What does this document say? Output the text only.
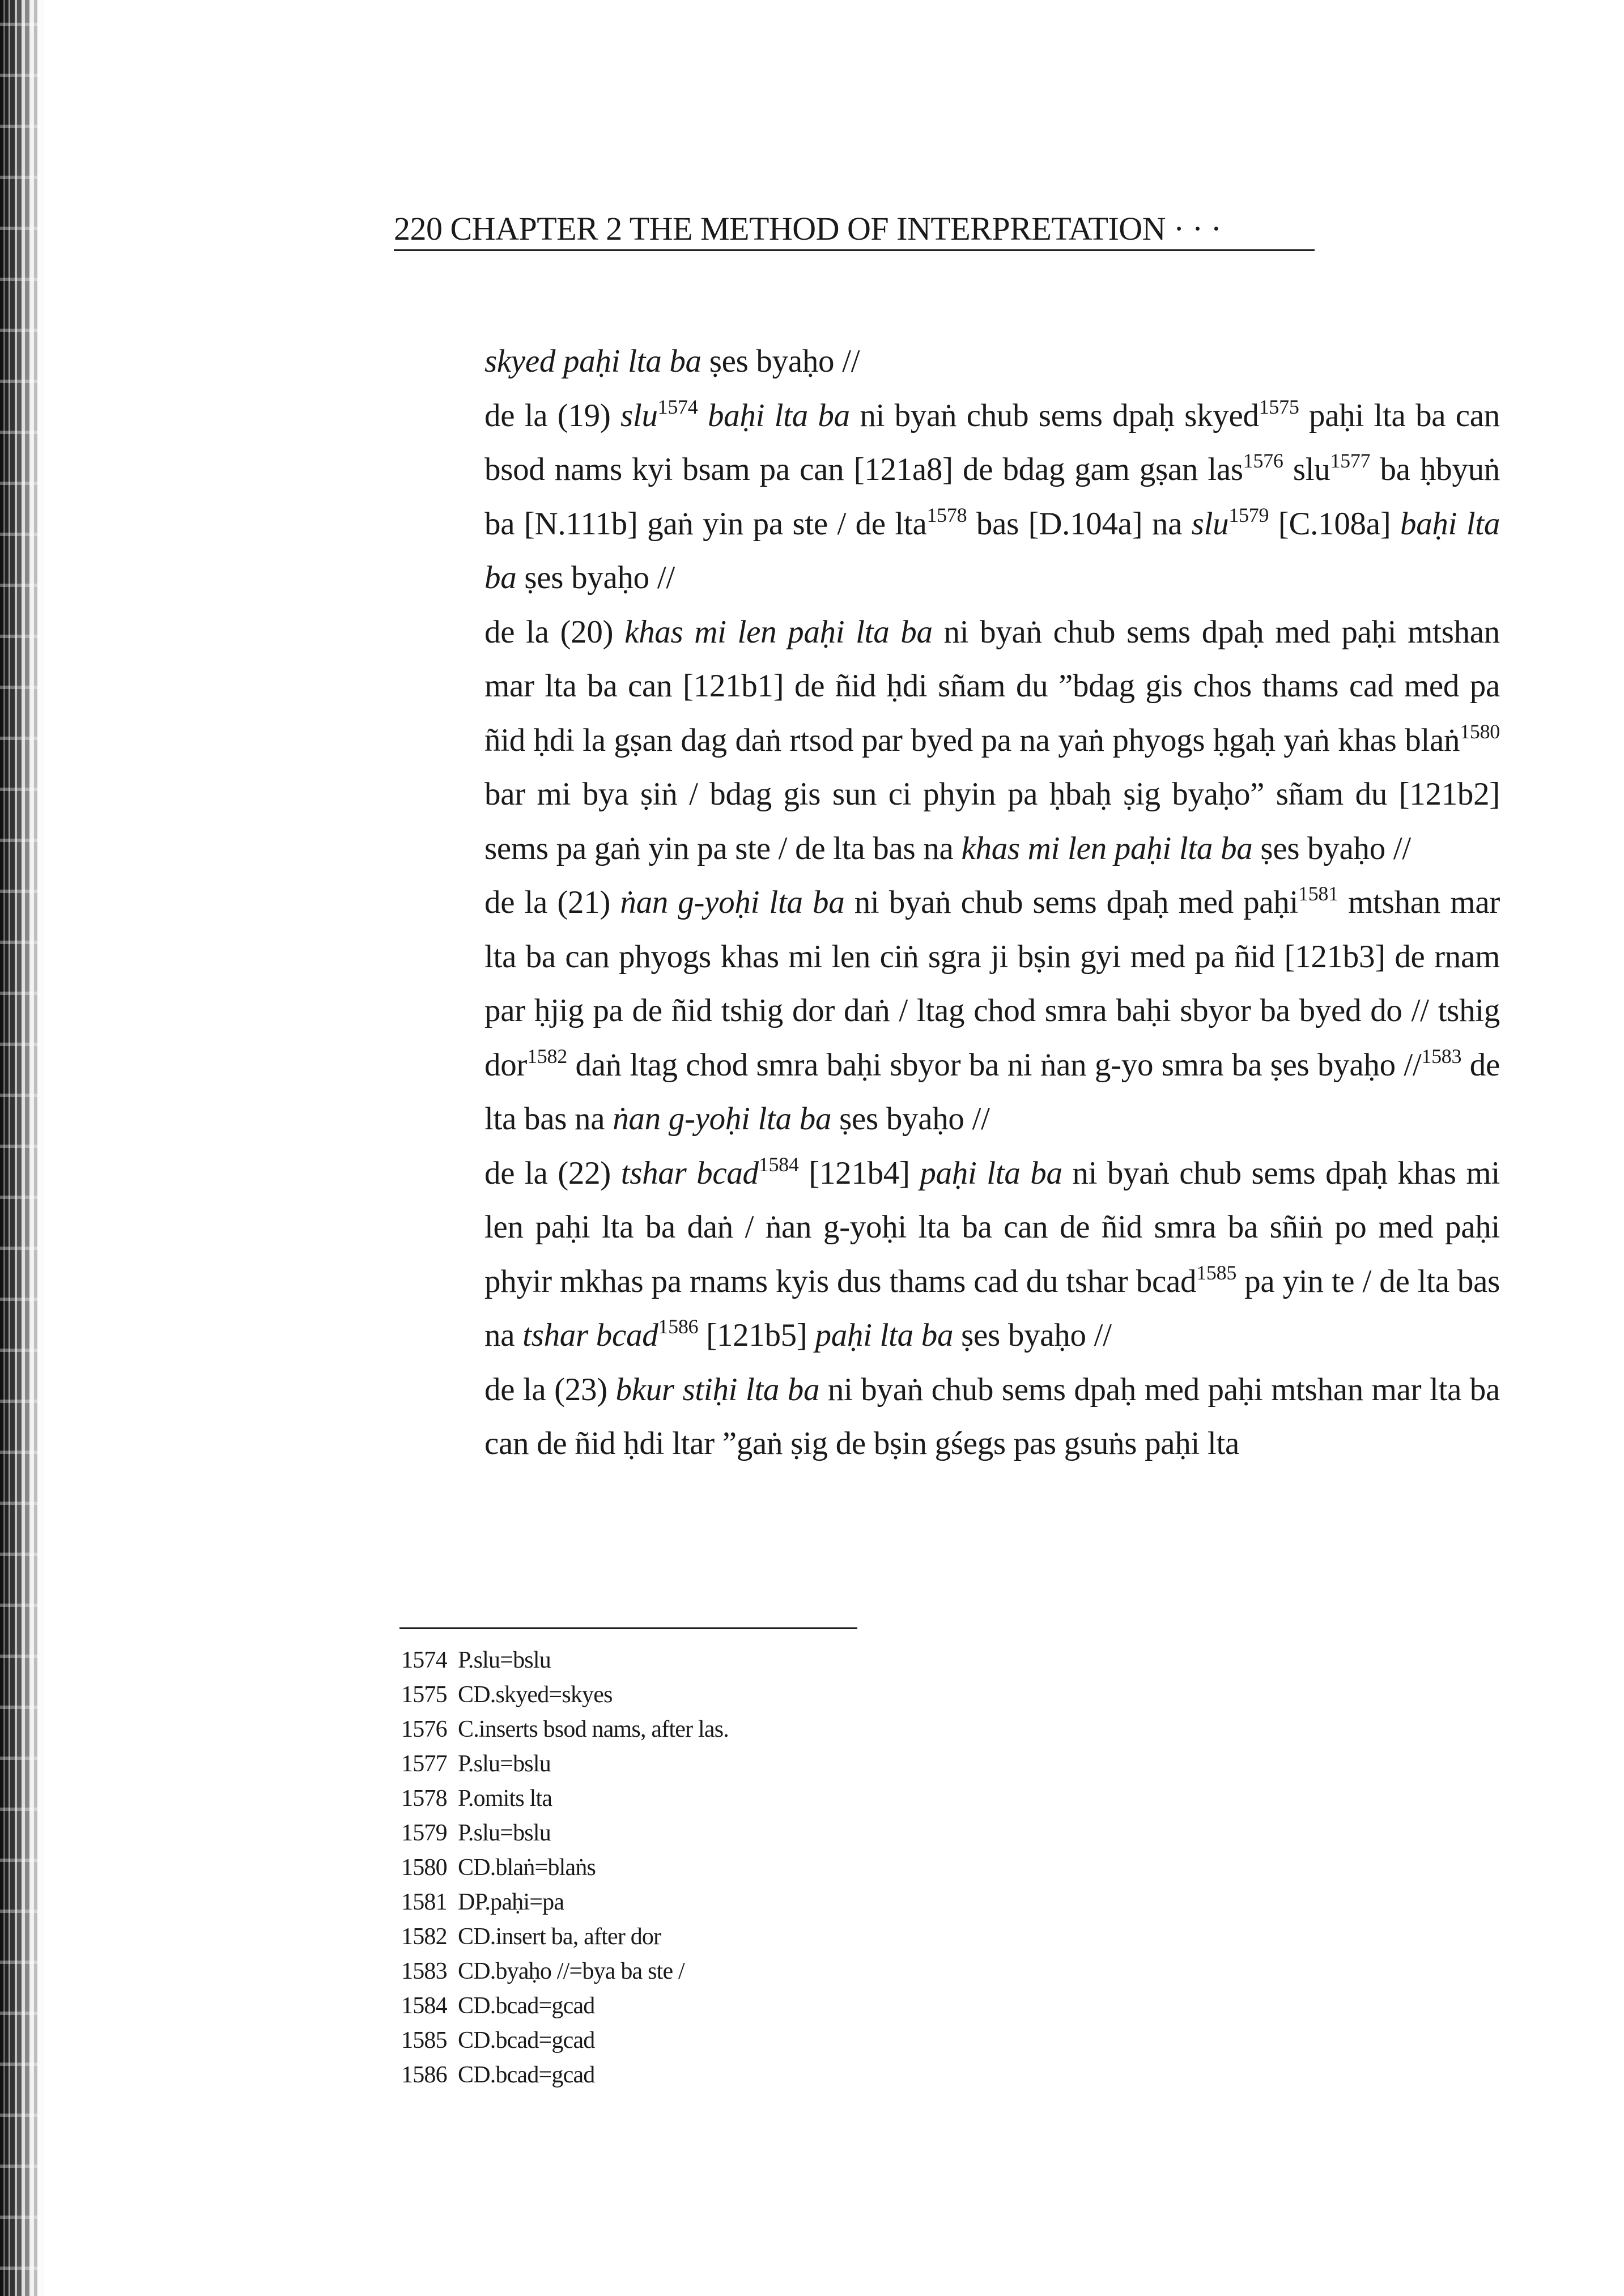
220 CHAPTER 2 THE METHOD OF INTERPRETATION · · ·

skyed paḥi lta ba ṣes byaḥo //

de la (19) slu$^{1574}$ baḥi lta ba ni byaṅ chub sems dpaḥ skyed$^{1575}$ paḥi lta ba can bsod nams kyi bsam pa can [121a8] de bdag gam gṣan las$^{1576}$ slu$^{1577}$ ba ḥbyuṅ ba [N.111b] gaṅ yin pa ste / de lta$^{1578}$ bas [D.104a] na slu$^{1579}$ [C.108a] baḥi lta ba ṣes byaḥo //

de la (20) khas mi len paḥi lta ba ni byaṅ chub sems dpaḥ med paḥi mtshan mar lta ba can [121b1] de ñid ḥdi sñam du ”bdag gis chos thams cad med pa ñid ḥdi la gṣan dag daṅ rtsod par byed pa na yaṅ phyogs ḥgaḥ yaṅ khas blaṅ$^{1580}$ bar mi bya ṣiṅ / bdag gis sun ci phyin pa ḥbaḥ ṣig byaḥo” sñam du [121b2] sems pa gaṅ yin pa ste / de lta bas na khas mi len paḥi lta ba ṣes byaḥo //

de la (21) ṅan g-yoḥi lta ba ni byaṅ chub sems dpaḥ med paḥi$^{1581}$ mtshan mar lta ba can phyogs khas mi len ciṅ sgra ji bṣin gyi med pa ñid [121b3] de rnam par ḥjig pa de ñid tshig dor daṅ / ltag chod smra baḥi sbyor ba byed do // tshig dor$^{1582}$ daṅ ltag chod smra baḥi sbyor ba ni ṅan g-yo smra ba ṣes byaḥo //$^{1583}$ de lta bas na ṅan g-yoḥi lta ba ṣes byaḥo //

de la (22) tshar bcad$^{1584}$ [121b4] paḥi lta ba ni byaṅ chub sems dpaḥ khas mi len paḥi lta ba daṅ / ṅan g-yoḥi lta ba can de ñid smra ba sñiṅ po med paḥi phyir mkhas pa rnams kyis dus thams cad du tshar bcad$^{1585}$ pa yin te / de lta bas na tshar bcad$^{1586}$ [121b5] paḥi lta ba ṣes byaḥo //

de la (23) bkur stiḥi lta ba ni byaṅ chub sems dpaḥ med paḥi mtshan mar lta ba can de ñid ḥdi ltar ”gaṅ ṣig de bṣin gśegs pas gsuṅs paḥi lta

1574 P.slu=bslu
1575 CD.skyed=skyes
1576 C.inserts bsod nams, after las.
1577 P.slu=bslu
1578 P.omits lta
1579 P.slu=bslu
1580 CD.blaṅ=blaṅs
1581 DP.paḥi=pa
1582 CD.insert ba, after dor
1583 CD.byaḥo //=bya ba ste /
1584 CD.bcad=gcad
1585 CD.bcad=gcad
1586 CD.bcad=gcad
